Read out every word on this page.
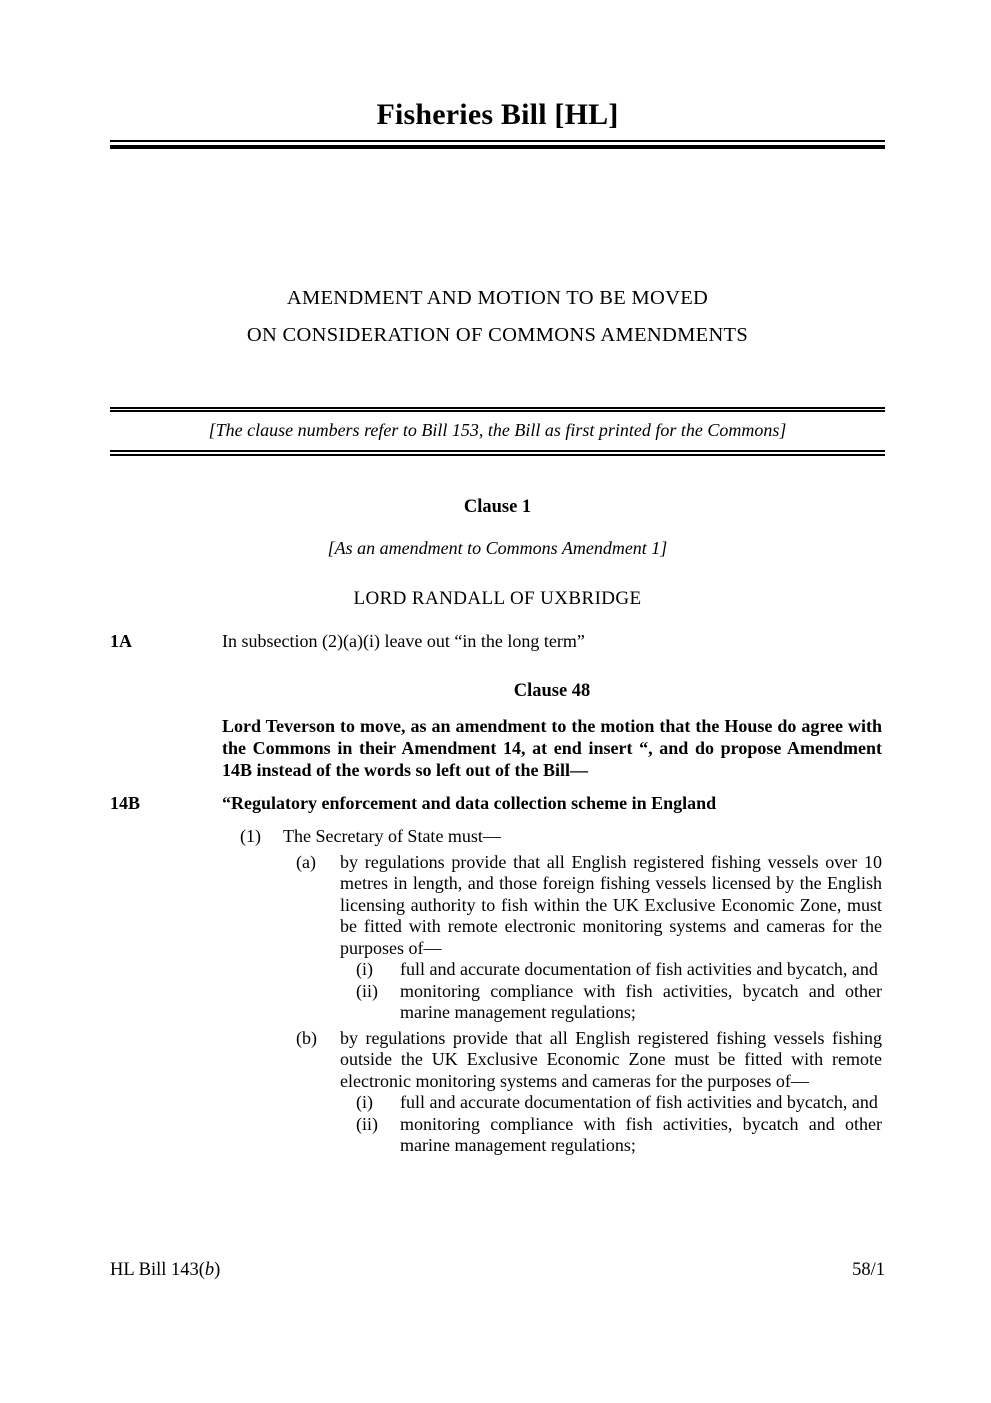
Fisheries Bill [HL]
AMENDMENT AND MOTION TO BE MOVED
ON CONSIDERATION OF COMMONS AMENDMENTS
[The clause numbers refer to Bill 153, the Bill as first printed for the Commons]
Clause 1
[As an amendment to Commons Amendment 1]
LORD RANDALL OF UXBRIDGE
1A	In subsection (2)(a)(i) leave out “in the long term”
Clause 48
Lord Teverson to move, as an amendment to the motion that the House do agree with the Commons in their Amendment 14, at end insert “, and do propose Amendment 14B instead of the words so left out of the Bill—
14B	“Regulatory enforcement and data collection scheme in England
(1) The Secretary of State must—
(a) by regulations provide that all English registered fishing vessels over 10 metres in length, and those foreign fishing vessels licensed by the English licensing authority to fish within the UK Exclusive Economic Zone, must be fitted with remote electronic monitoring systems and cameras for the purposes of—
(i)	full and accurate documentation of fish activities and bycatch, and
(ii)	monitoring compliance with fish activities, bycatch and other marine management regulations;
(b) by regulations provide that all English registered fishing vessels fishing outside the UK Exclusive Economic Zone must be fitted with remote electronic monitoring systems and cameras for the purposes of—
(i)	full and accurate documentation of fish activities and bycatch, and
(ii)	monitoring compliance with fish activities, bycatch and other marine management regulations;
HL Bill 143(b)	58/1
